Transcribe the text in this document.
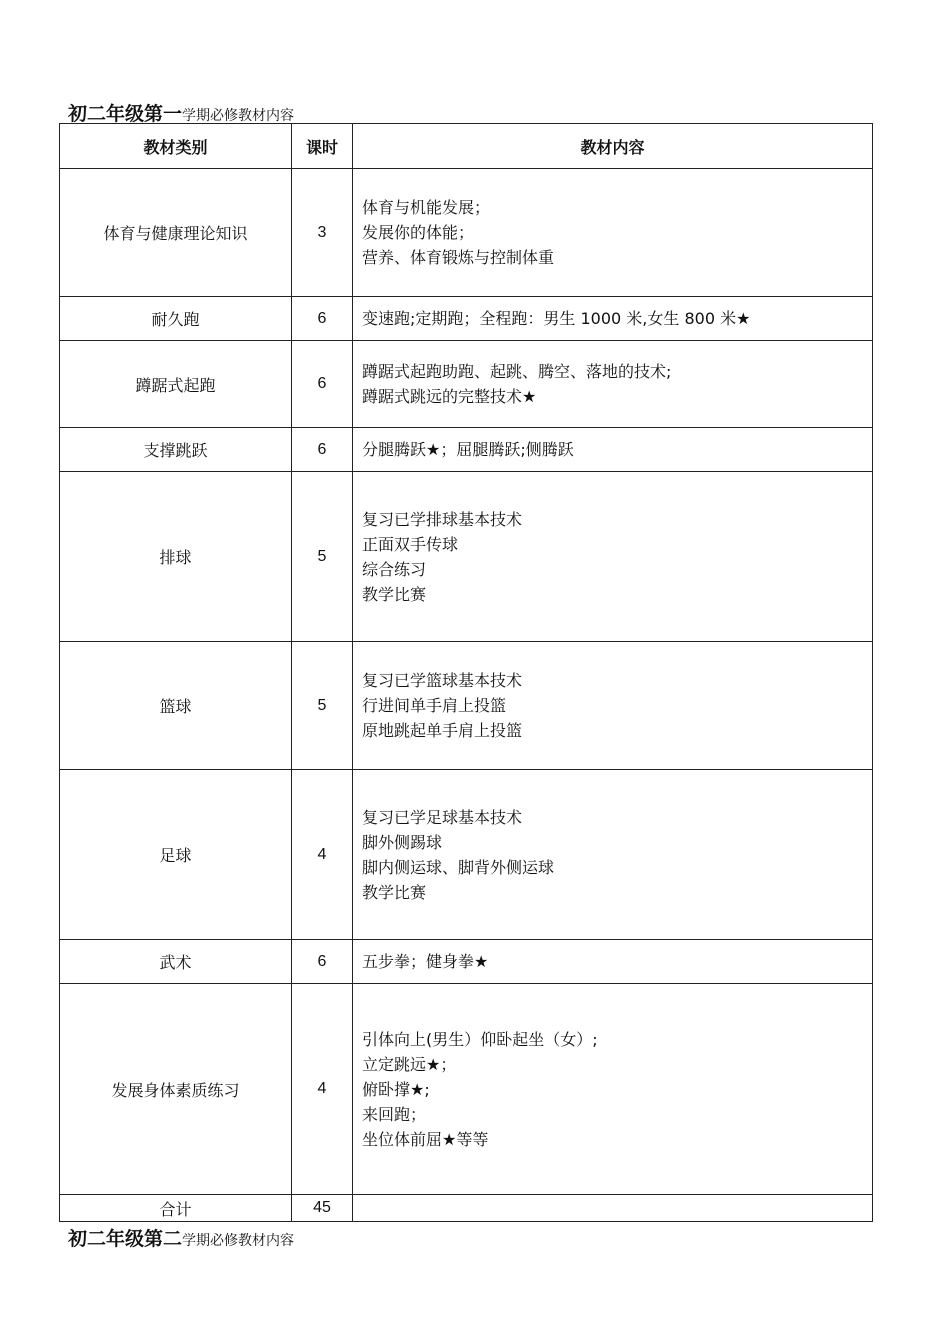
初二年级第一学期必修教材内容
教材类别	课时	教材内容
体育与健康理论知识	3	体育与机能发展；
发展你的体能；
营养、体育锻炼与控制体重

耐久跑	6	变速跑;定期跑；全程跑：男生 1000 米,女生 800 米★

蹲踞式起跑	6	蹲踞式起跑助跑、起跳、腾空、落地的技术;
蹲踞式跳远的完整技术★

支撑跳跃	6	分腿腾跃★；屈腿腾跃;侧腾跃

排球	5	复习已学排球基本技术
正面双手传球
综合练习
教学比赛

篮球	5	复习已学篮球基本技术
行进间单手肩上投篮
原地跳起单手肩上投篮

足球	4	复习已学足球基本技术
脚外侧踢球
脚内侧运球、脚背外侧运球
教学比赛

武术	6	五步拳；健身拳★

发展身体素质练习	4	引体向上(男生）仰卧起坐（女）;
立定跳远★；
俯卧撑★;
来回跑；
坐位体前屈★等等

合计	45	
初二年级第二学期必修教材内容
